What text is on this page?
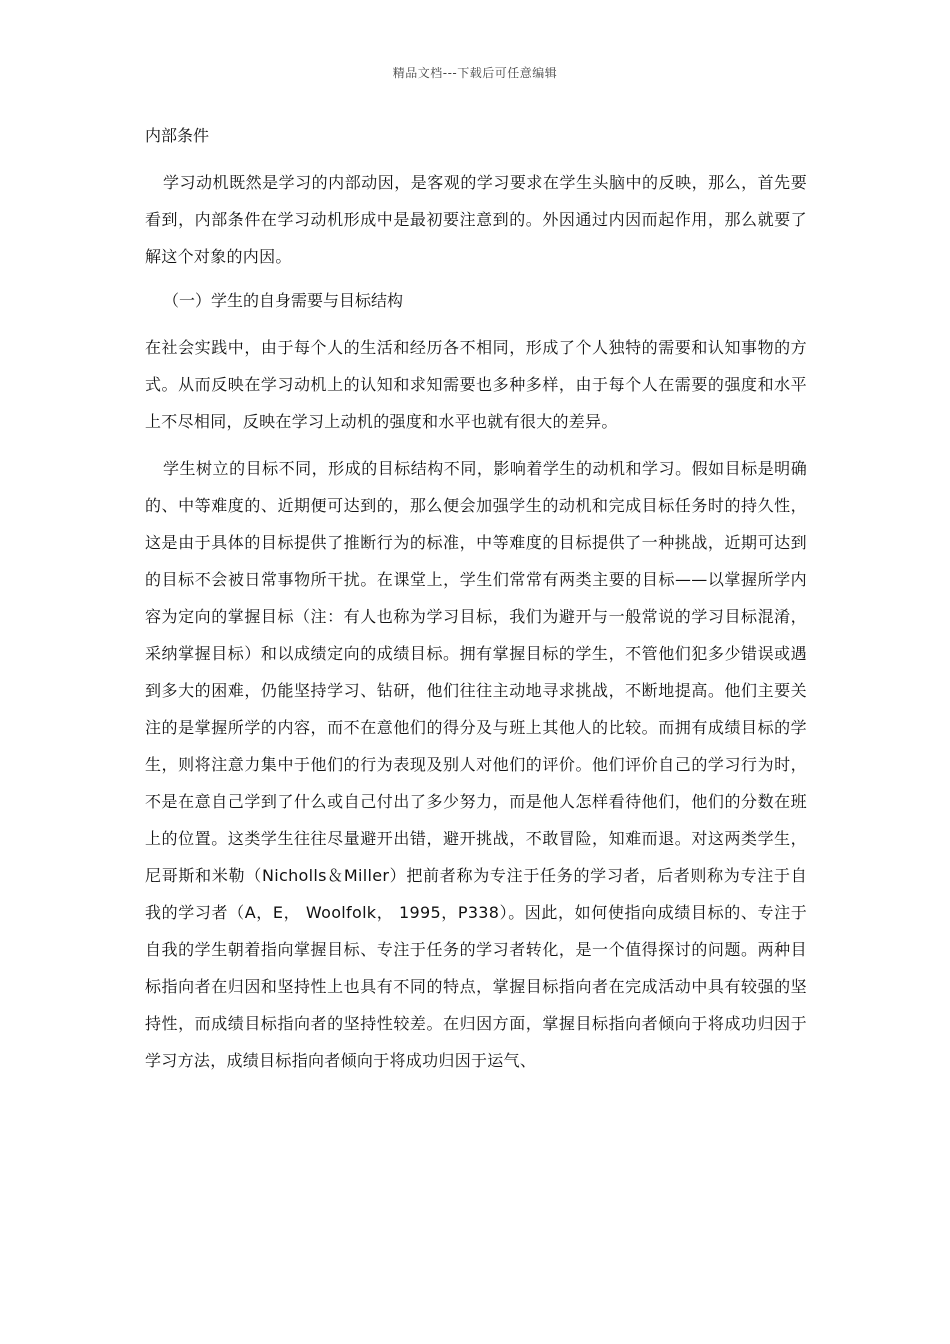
精品文档---下载后可任意编辑
内部条件

学习动机既然是学习的内部动因，是客观的学习要求在学生头脑中的反映，那么，首先要看到，内部条件在学习动机形成中是最初要注意到的。外因通过内因而起作用，那么就要了解这个对象的内因。

（一）学生的自身需要与目标结构

在社会实践中，由于每个人的生活和经历各不相同，形成了个人独特的需要和认知事物的方式。从而反映在学习动机上的认知和求知需要也多种多样，由于每个人在需要的强度和水平上不尽相同，反映在学习上动机的强度和水平也就有很大的差异。

学生树立的目标不同，形成的目标结构不同，影响着学生的动机和学习。假如目标是明确的、中等难度的、近期便可达到的，那么便会加强学生的动机和完成目标任务时的持久性，这是由于具体的目标提供了推断行为的标准，中等难度的目标提供了一种挑战，近期可达到的目标不会被日常事物所干扰。在课堂上，学生们常常有两类主要的目标——以掌握所学内容为定向的掌握目标（注：有人也称为学习目标，我们为避开与一般常说的学习目标混淆，采纳掌握目标）和以成绩定向的成绩目标。拥有掌握目标的学生，不管他们犯多少错误或遇到多大的困难，仍能坚持学习、钻研，他们往往主动地寻求挑战，不断地提高。他们主要关注的是掌握所学的内容，而不在意他们的得分及与班上其他人的比较。而拥有成绩目标的学生，则将注意力集中于他们的行为表现及别人对他们的评价。他们评价自己的学习行为时，不是在意自己学到了什么或自己付出了多少努力，而是他人怎样看待他们，他们的分数在班上的位置。这类学生往往尽量避开出错，避开挑战，不敢冒险，知难而退。对这两类学生，尼哥斯和米勒（Nicholls＆Miller）把前者称为专注于任务的学习者，后者则称为专注于自我的学习者（A，E， Woolfolk， 1995，P338）。因此，如何使指向成绩目标的、专注于自我的学生朝着指向掌握目标、专注于任务的学习者转化，是一个值得探讨的问题。两种目标指向者在归因和坚持性上也具有不同的特点，掌握目标指向者在完成活动中具有较强的坚持性，而成绩目标指向者的坚持性较差。在归因方面，掌握目标指向者倾向于将成功归因于学习方法，成绩目标指向者倾向于将成功归因于运气、
